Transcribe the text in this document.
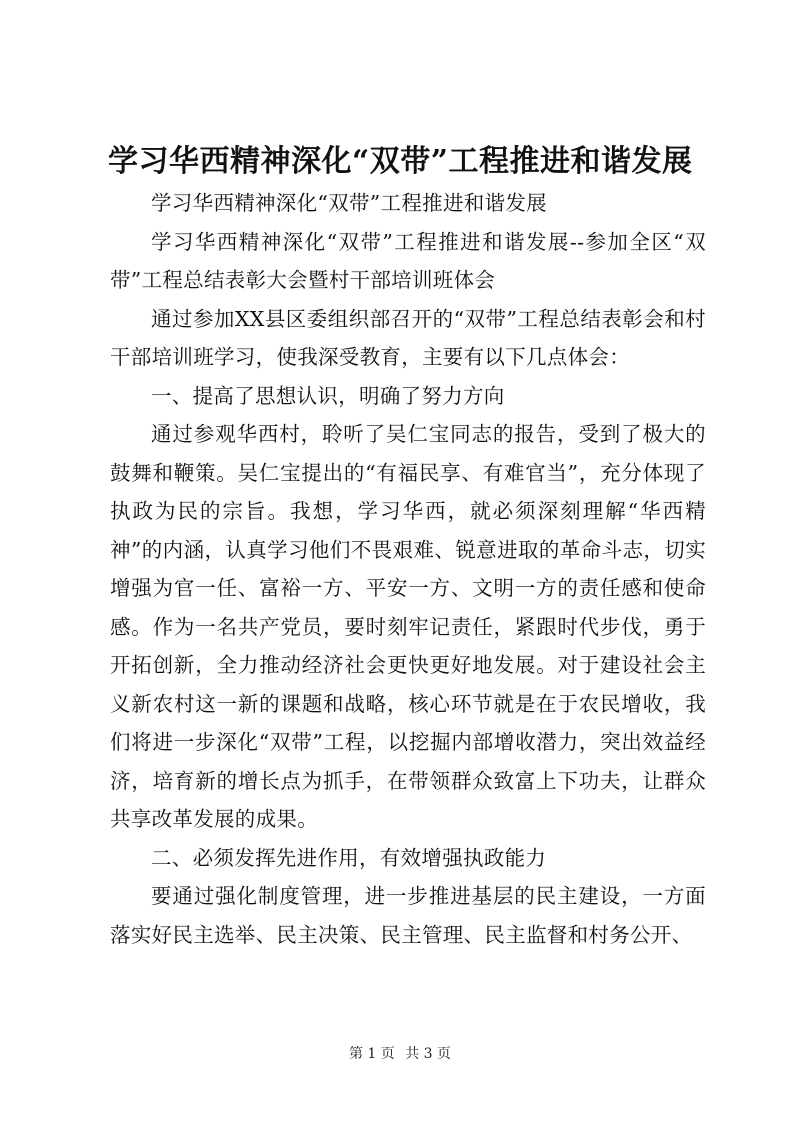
学习华西精神深化“双带”工程推进和谐发展

学习华西精神深化“双带”工程推进和谐发展

学习华西精神深化“双带”工程推进和谐发展--参加全区“双带”工程总结表彰大会暨村干部培训班体会

通过参加XX县区委组织部召开的“双带”工程总结表彰会和村干部培训班学习，使我深受教育，主要有以下几点体会：

一、提高了思想认识，明确了努力方向

通过参观华西村，聆听了吴仁宝同志的报告，受到了极大的鼓舞和鞭策。吴仁宝提出的“有福民享、有难官当”，充分体现了执政为民的宗旨。我想，学习华西，就必须深刻理解“华西精神”的内涵，认真学习他们不畏艰难、锐意进取的革命斗志，切实增强为官一任、富裕一方、平安一方、文明一方的责任感和使命感。作为一名共产党员，要时刻牢记责任，紧跟时代步伐，勇于开拓创新，全力推动经济社会更快更好地发展。对于建设社会主义新农村这一新的课题和战略，核心环节就是在于农民增收，我们将进一步深化“双带”工程，以挖掘内部增收潜力，突出效益经济，培育新的增长点为抓手，在带领群众致富上下功夫，让群众共享改革发展的成果。

二、必须发挥先进作用，有效增强执政能力

要通过强化制度管理，进一步推进基层的民主建设，一方面落实好民主选举、民主决策、民主管理、民主监督和村务公开、

第 1 页 共 3 页
